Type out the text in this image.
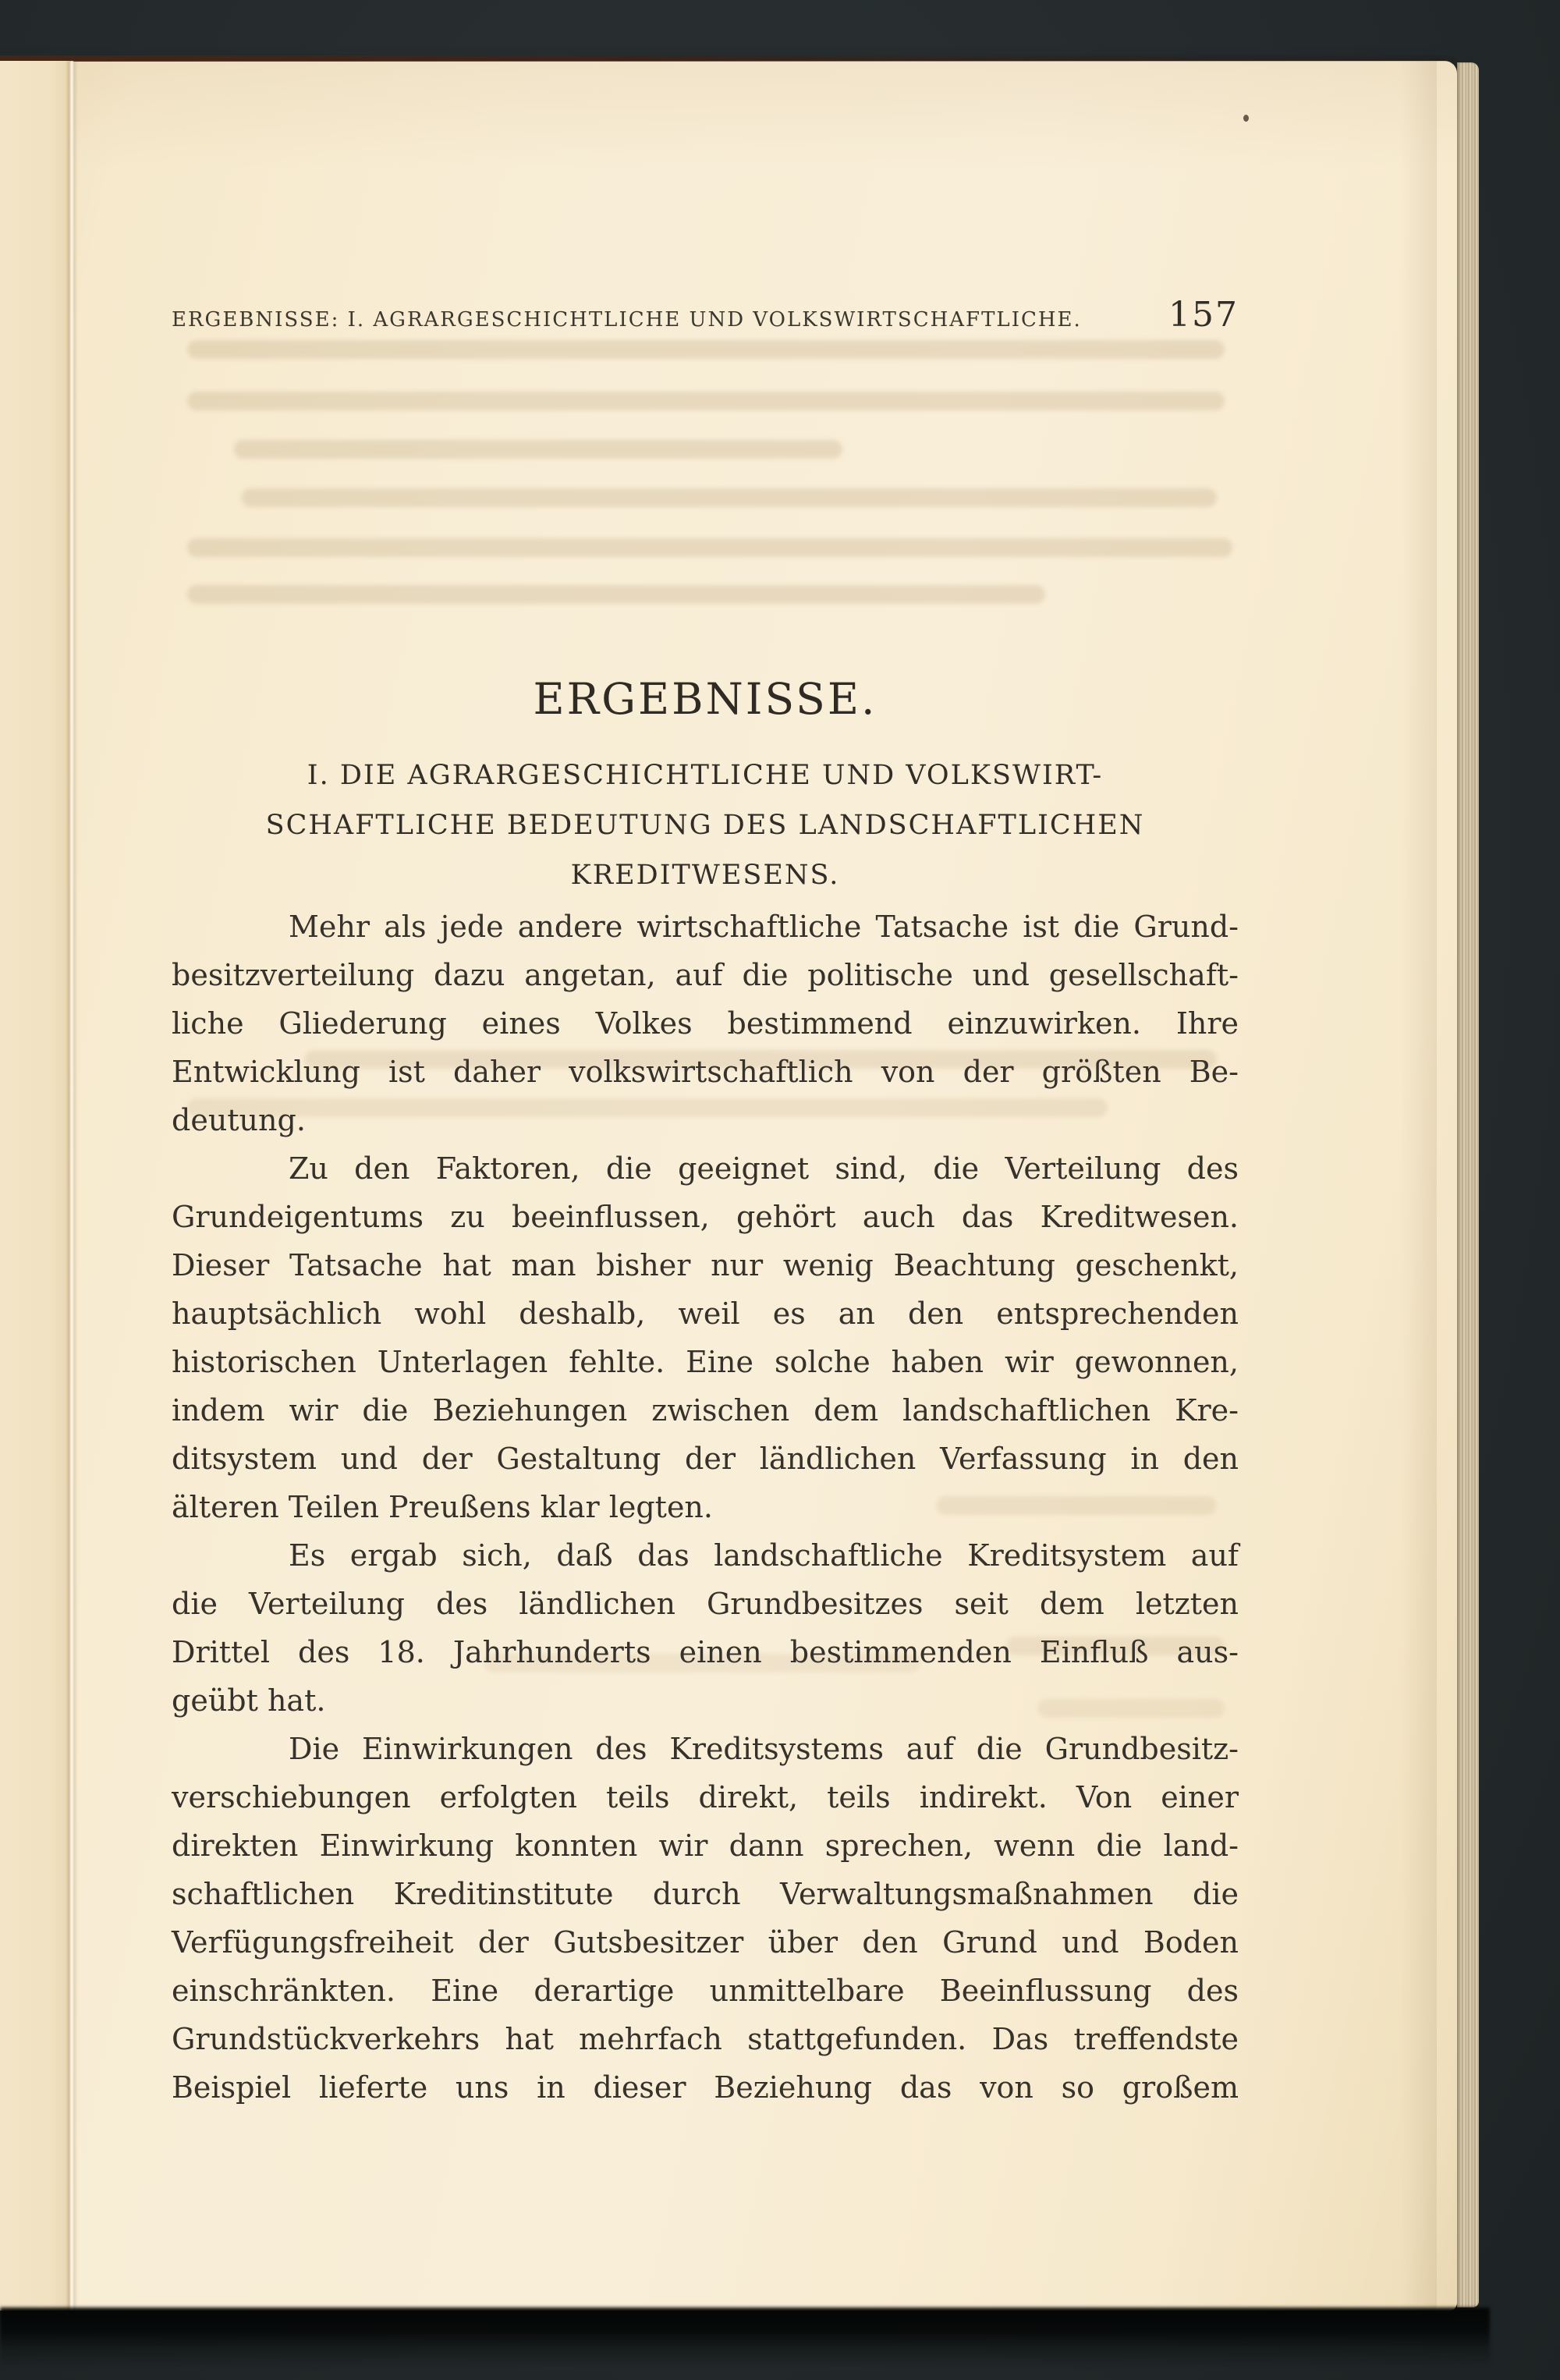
ERGEBNISSE: I. AGRARGESCHICHTLICHE UND VOLKSWIRTSCHAFTLICHE.	157
ERGEBNISSE.
I. DIE AGRARGESCHICHTLICHE UND VOLKSWIRT-
SCHAFTLICHE BEDEUTUNG DES LANDSCHAFTLICHEN
KREDITWESENS.
Mehr als jede andere wirtschaftliche Tatsache ist die Grund-
besitzverteilung dazu angetan, auf die politische und gesellschaft-
liche Gliederung eines Volkes bestimmend einzuwirken. Ihre
Entwicklung ist daher volkswirtschaftlich von der größten Be-
deutung.
Zu den Faktoren, die geeignet sind, die Verteilung des
Grundeigentums zu beeinflussen, gehört auch das Kreditwesen.
Dieser Tatsache hat man bisher nur wenig Beachtung geschenkt,
hauptsächlich wohl deshalb, weil es an den entsprechenden
historischen Unterlagen fehlte. Eine solche haben wir gewonnen,
indem wir die Beziehungen zwischen dem landschaftlichen Kre-
ditsystem und der Gestaltung der ländlichen Verfassung in den
älteren Teilen Preußens klar legten.
Es ergab sich, daß das landschaftliche Kreditsystem auf
die Verteilung des ländlichen Grundbesitzes seit dem letzten
Drittel des 18. Jahrhunderts einen bestimmenden Einfluß aus-
geübt hat.
Die Einwirkungen des Kreditsystems auf die Grundbesitz-
verschiebungen erfolgten teils direkt, teils indirekt. Von einer
direkten Einwirkung konnten wir dann sprechen, wenn die land-
schaftlichen Kreditinstitute durch Verwaltungsmaßnahmen die
Verfügungsfreiheit der Gutsbesitzer über den Grund und Boden
einschränkten. Eine derartige unmittelbare Beeinflussung des
Grundstückverkehrs hat mehrfach stattgefunden. Das treffendste
Beispiel lieferte uns in dieser Beziehung das von so großem
